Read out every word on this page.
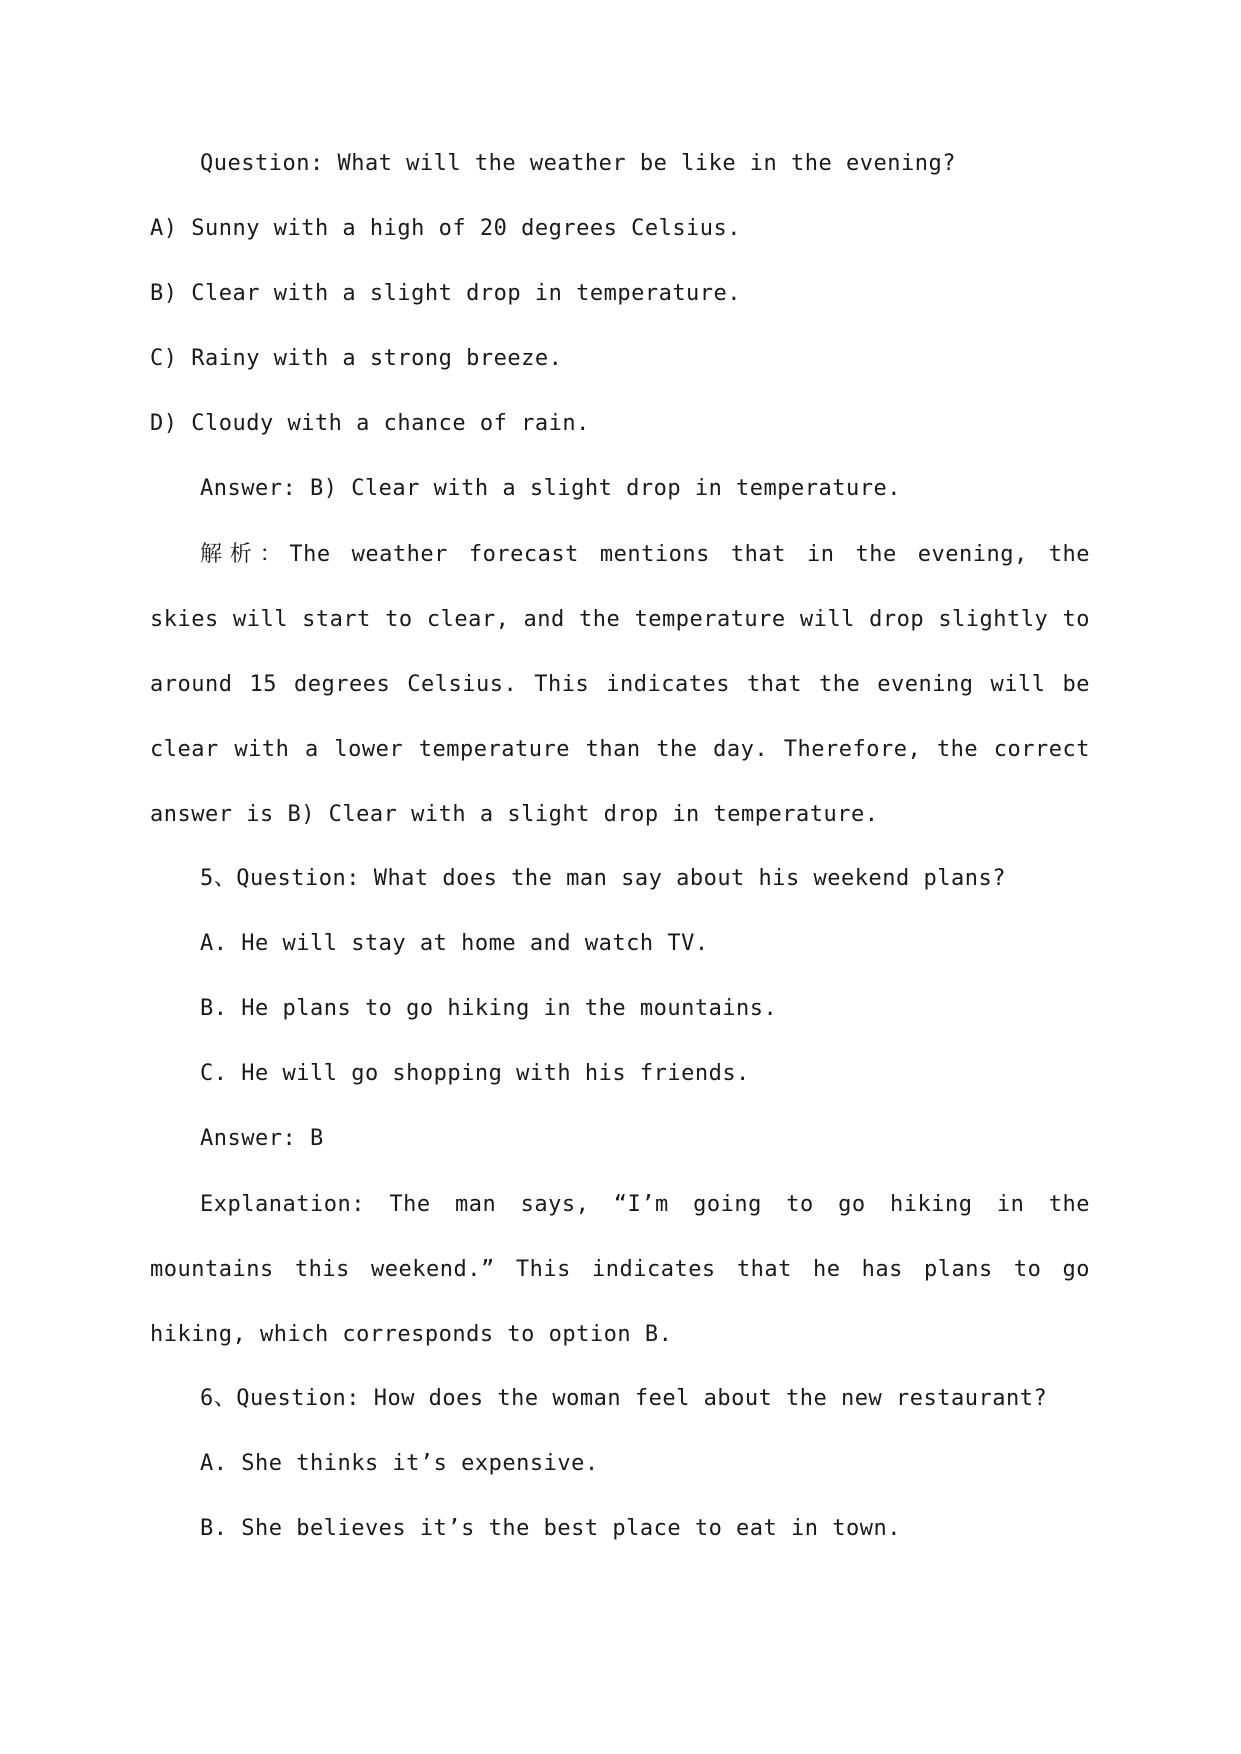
Question: What will the weather be like in the evening?
A) Sunny with a high of 20 degrees Celsius.
B) Clear with a slight drop in temperature.
C) Rainy with a strong breeze.
D) Cloudy with a chance of rain.
Answer: B) Clear with a slight drop in temperature.
解析：The weather forecast mentions that in the evening, the skies will start to clear, and the temperature will drop slightly to around 15 degrees Celsius. This indicates that the evening will be clear with a lower temperature than the day. Therefore, the correct answer is B) Clear with a slight drop in temperature.
5、Question: What does the man say about his weekend plans?
A. He will stay at home and watch TV.
B. He plans to go hiking in the mountains.
C. He will go shopping with his friends.
Answer: B
Explanation: The man says, “I’m going to go hiking in the mountains this weekend.” This indicates that he has plans to go hiking, which corresponds to option B.
6、Question: How does the woman feel about the new restaurant?
A. She thinks it’s expensive.
B. She believes it’s the best place to eat in town.
